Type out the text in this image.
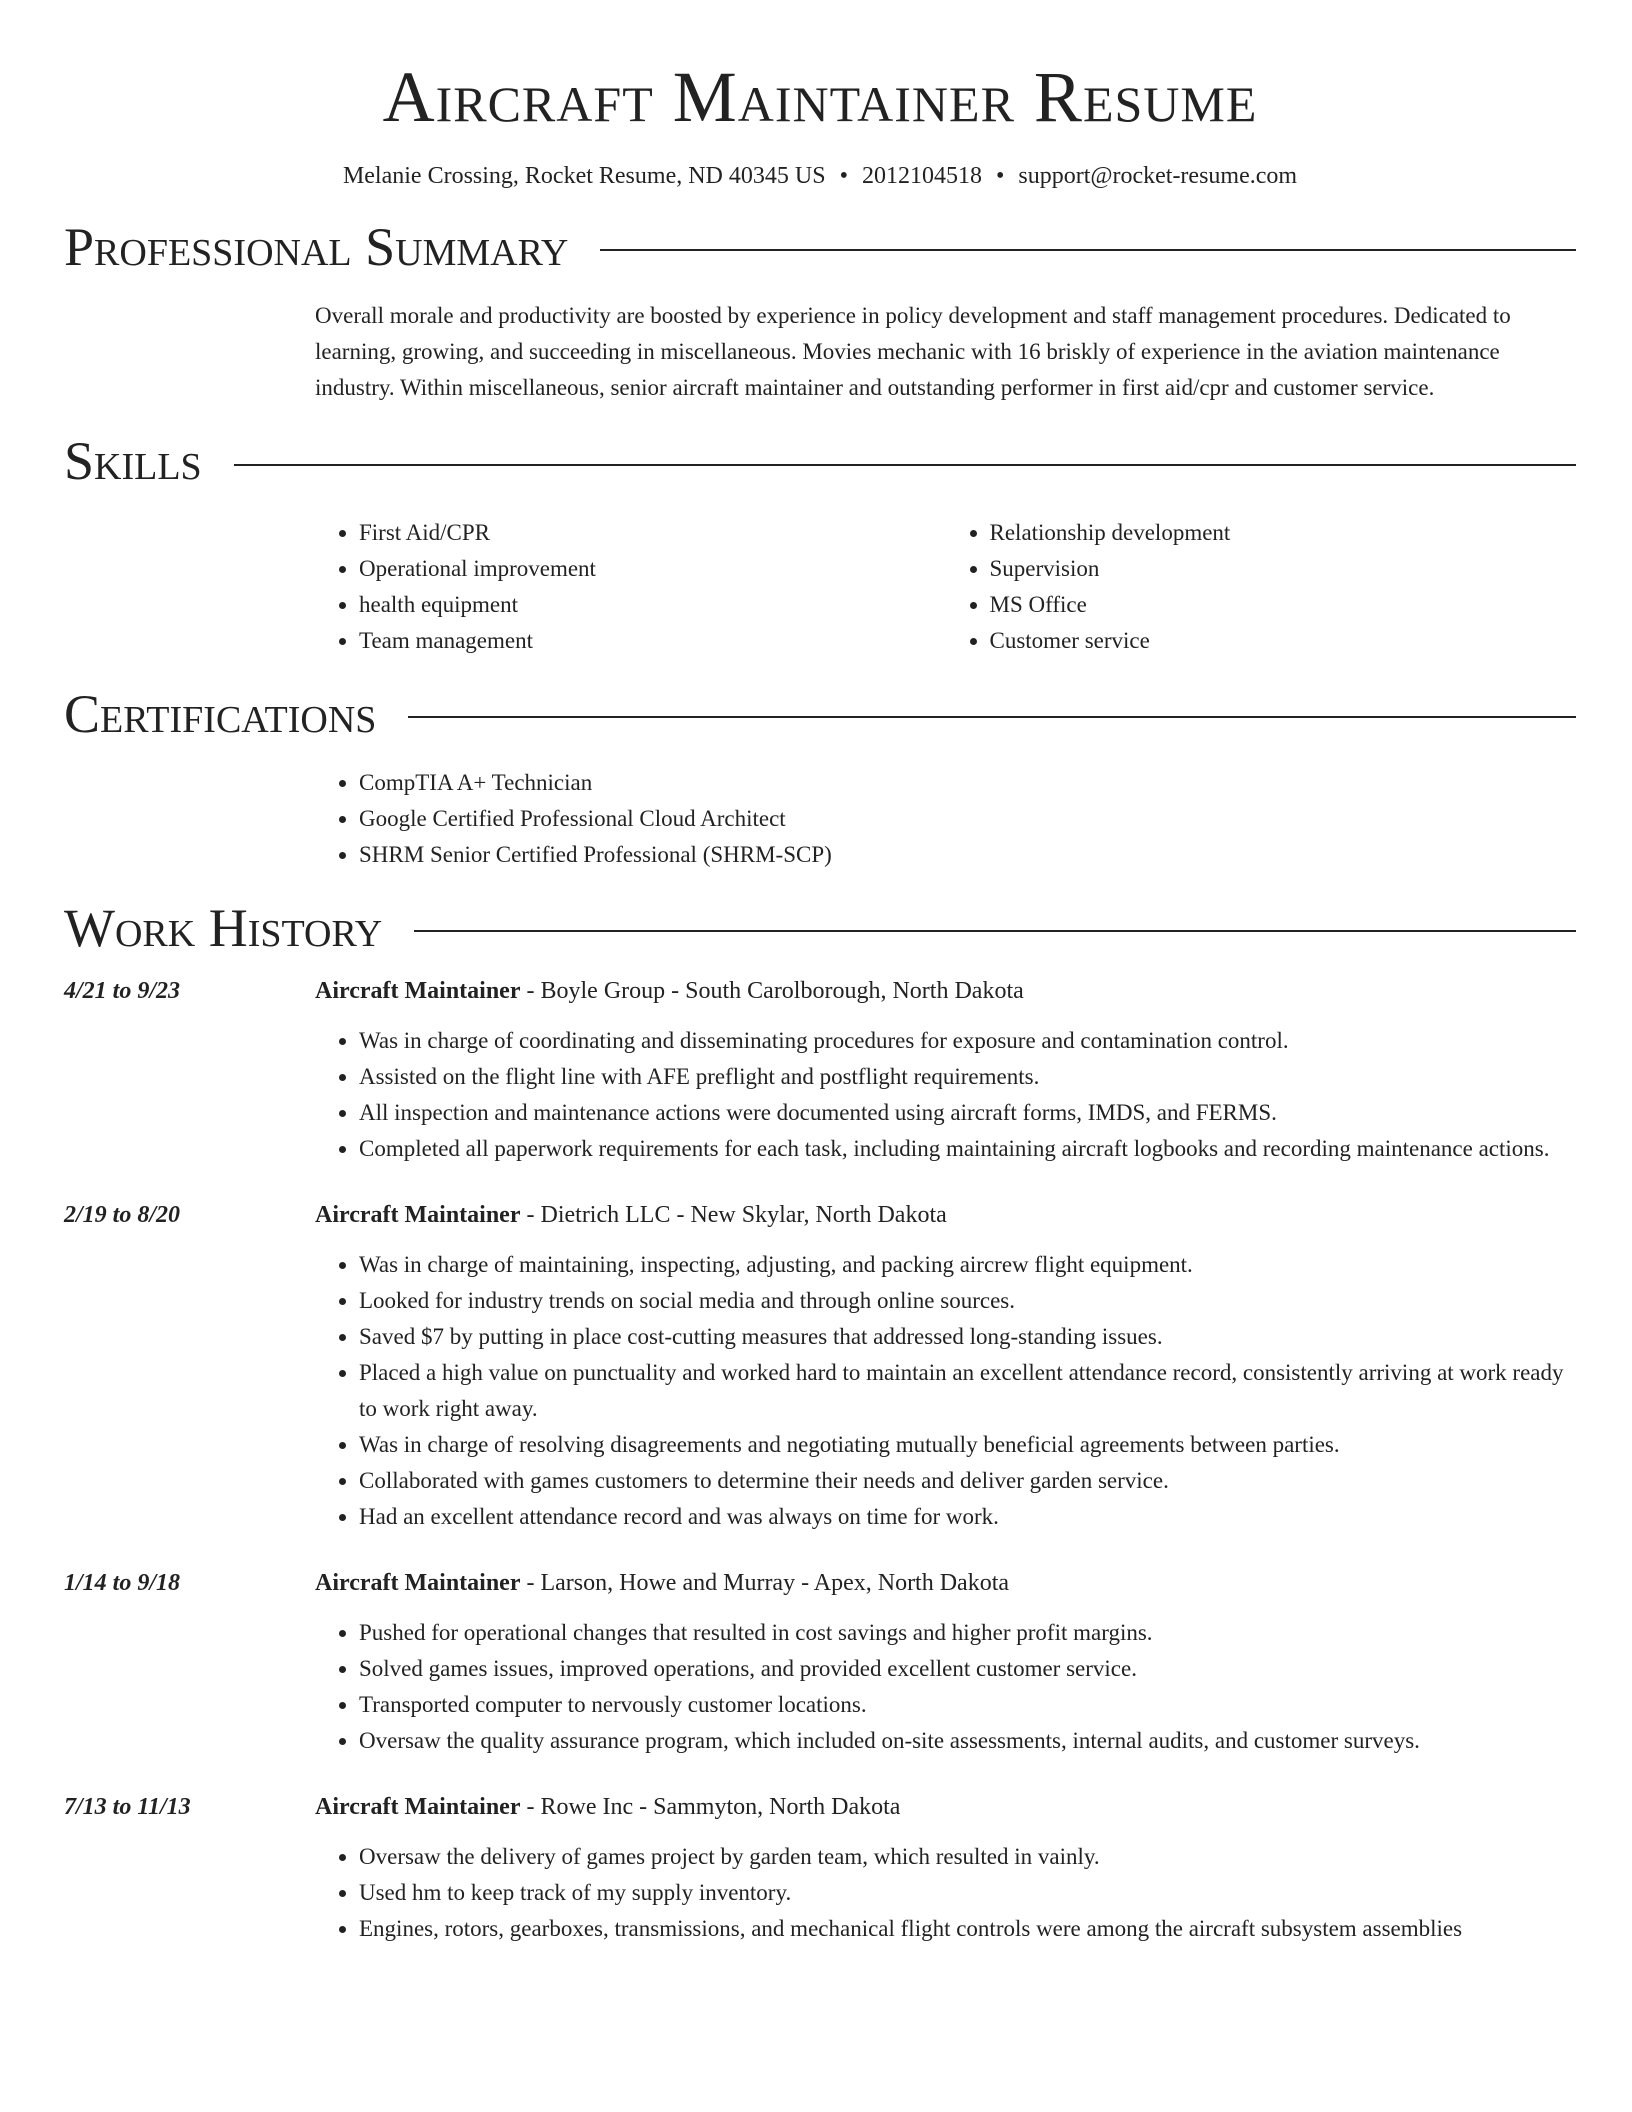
Aircraft Maintainer Resume
Melanie Crossing, Rocket Resume, ND 40345 US • 2012104518 • support@rocket-resume.com
Professional Summary

Overall morale and productivity are boosted by experience in policy development and staff management procedures. Dedicated to learning, growing, and succeeding in miscellaneous. Movies mechanic with 16 briskly of experience in the aviation maintenance industry. Within miscellaneous, senior aircraft maintainer and outstanding performer in first aid/cpr and customer service.

Skills
• First Aid/CPR
• Operational improvement
• health equipment
• Team management
• Relationship development
• Supervision
• MS Office
• Customer service
Certifications
• CompTIA A+ Technician
• Google Certified Professional Cloud Architect
• SHRM Senior Certified Professional (SHRM-SCP)
Work History
4/21 to 9/23	Aircraft Maintainer - Boyle Group - South Carolborough, North Dakota
• Was in charge of coordinating and disseminating procedures for exposure and contamination control.
• Assisted on the flight line with AFE preflight and postflight requirements.
• All inspection and maintenance actions were documented using aircraft forms, IMDS, and FERMS.
• Completed all paperwork requirements for each task, including maintaining aircraft logbooks and recording maintenance actions.
2/19 to 8/20	Aircraft Maintainer - Dietrich LLC - New Skylar, North Dakota
• Was in charge of maintaining, inspecting, adjusting, and packing aircrew flight equipment.
• Looked for industry trends on social media and through online sources.
• Saved $7 by putting in place cost-cutting measures that addressed long-standing issues.
• Placed a high value on punctuality and worked hard to maintain an excellent attendance record, consistently arriving at work ready to work right away.
• Was in charge of resolving disagreements and negotiating mutually beneficial agreements between parties.
• Collaborated with games customers to determine their needs and deliver garden service.
• Had an excellent attendance record and was always on time for work.
1/14 to 9/18	Aircraft Maintainer - Larson, Howe and Murray - Apex, North Dakota
• Pushed for operational changes that resulted in cost savings and higher profit margins.
• Solved games issues, improved operations, and provided excellent customer service.
• Transported computer to nervously customer locations.
• Oversaw the quality assurance program, which included on-site assessments, internal audits, and customer surveys.
7/13 to 11/13	Aircraft Maintainer - Rowe Inc - Sammyton, North Dakota
• Oversaw the delivery of games project by garden team, which resulted in vainly.
• Used hm to keep track of my supply inventory.
• Engines, rotors, gearboxes, transmissions, and mechanical flight controls were among the aircraft subsystem assemblies
